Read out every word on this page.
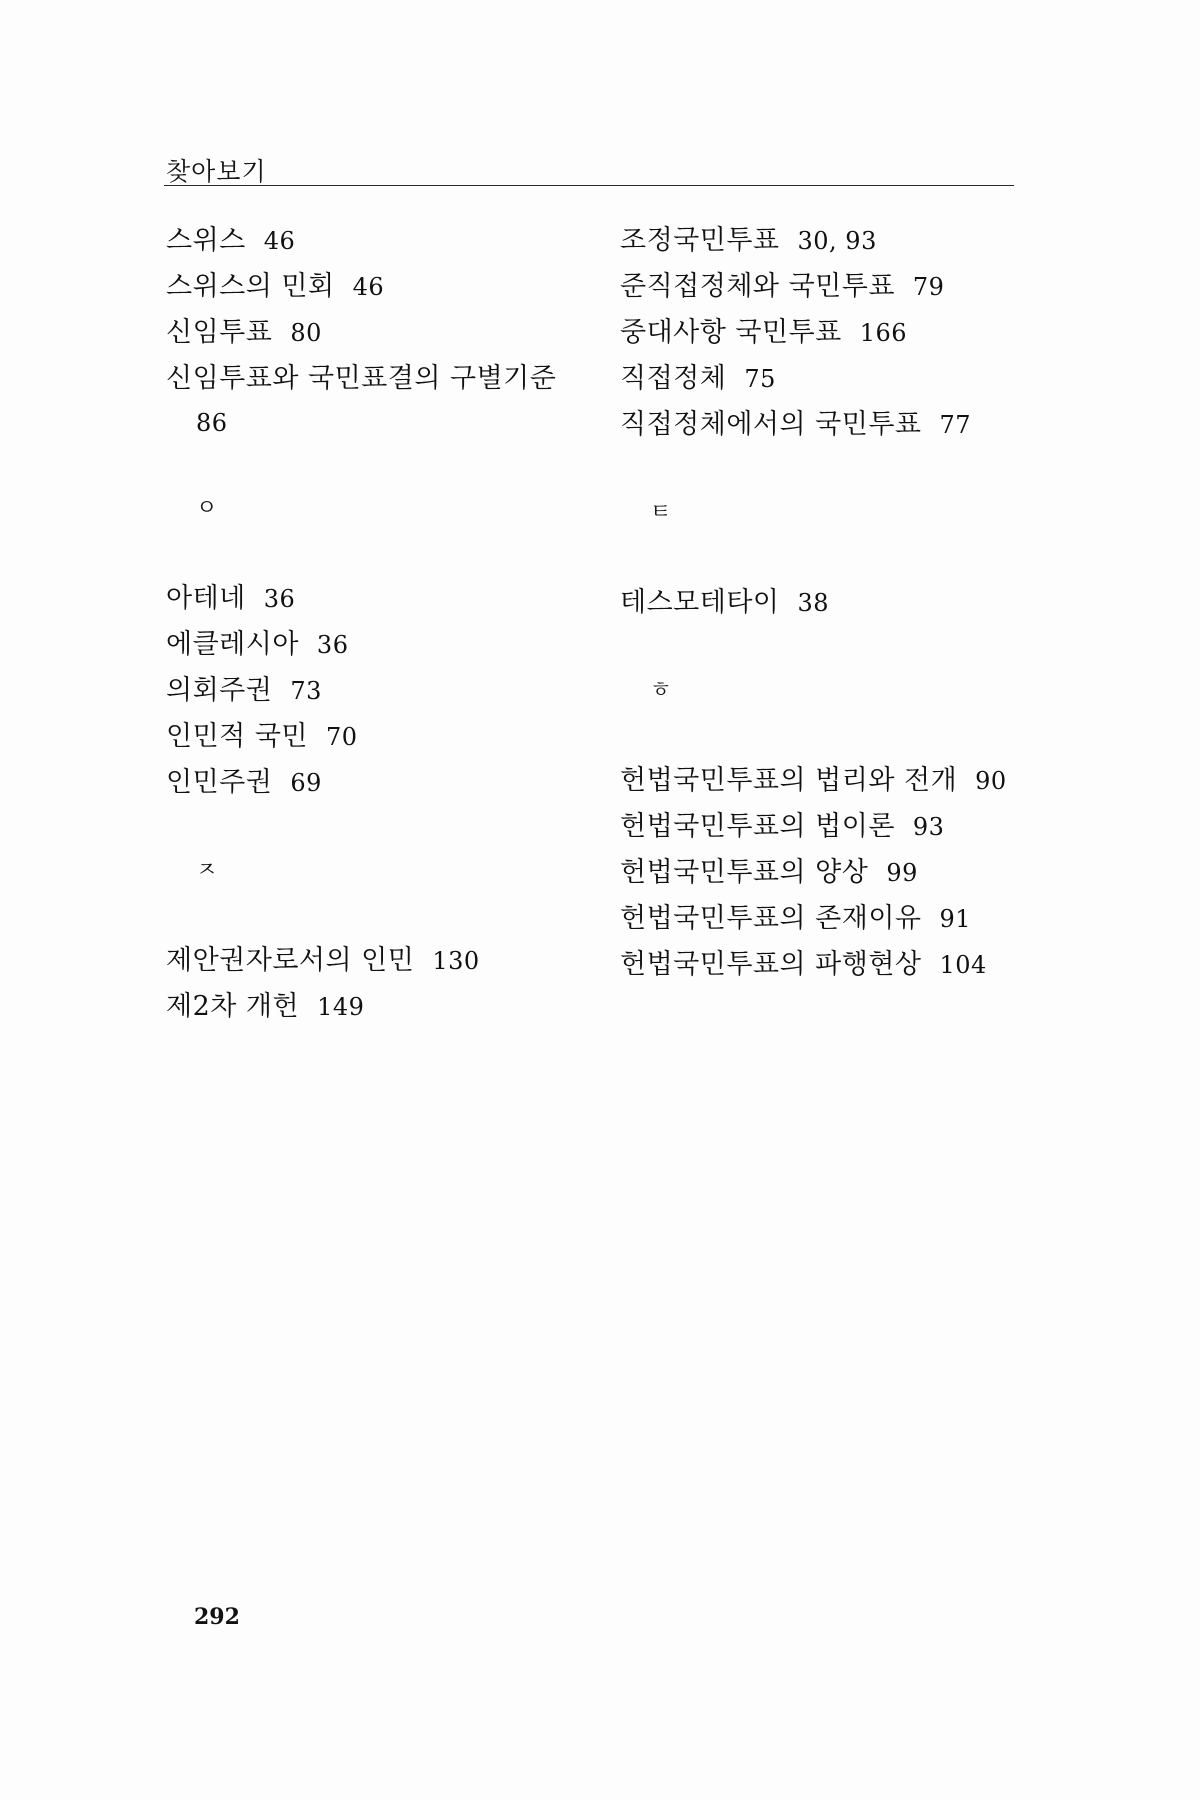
찾아보기
스위스 46
스위스의 민회 46
신임투표 80
신임투표와 국민표결의 구별기준
86
ㅇ
아테네 36
에클레시아 36
의회주권 73
인민적 국민 70
인민주권 69
ㅈ
제안권자로서의 인민 130
제2차 개헌 149
조정국민투표 30, 93
준직접정체와 국민투표 79
중대사항 국민투표 166
직접정체 75
직접정체에서의 국민투표 77
ㅌ
테스모테타이 38
ㅎ
헌법국민투표의 법리와 전개 90
헌법국민투표의 법이론 93
헌법국민투표의 양상 99
헌법국민투표의 존재이유 91
헌법국민투표의 파행현상 104
292
